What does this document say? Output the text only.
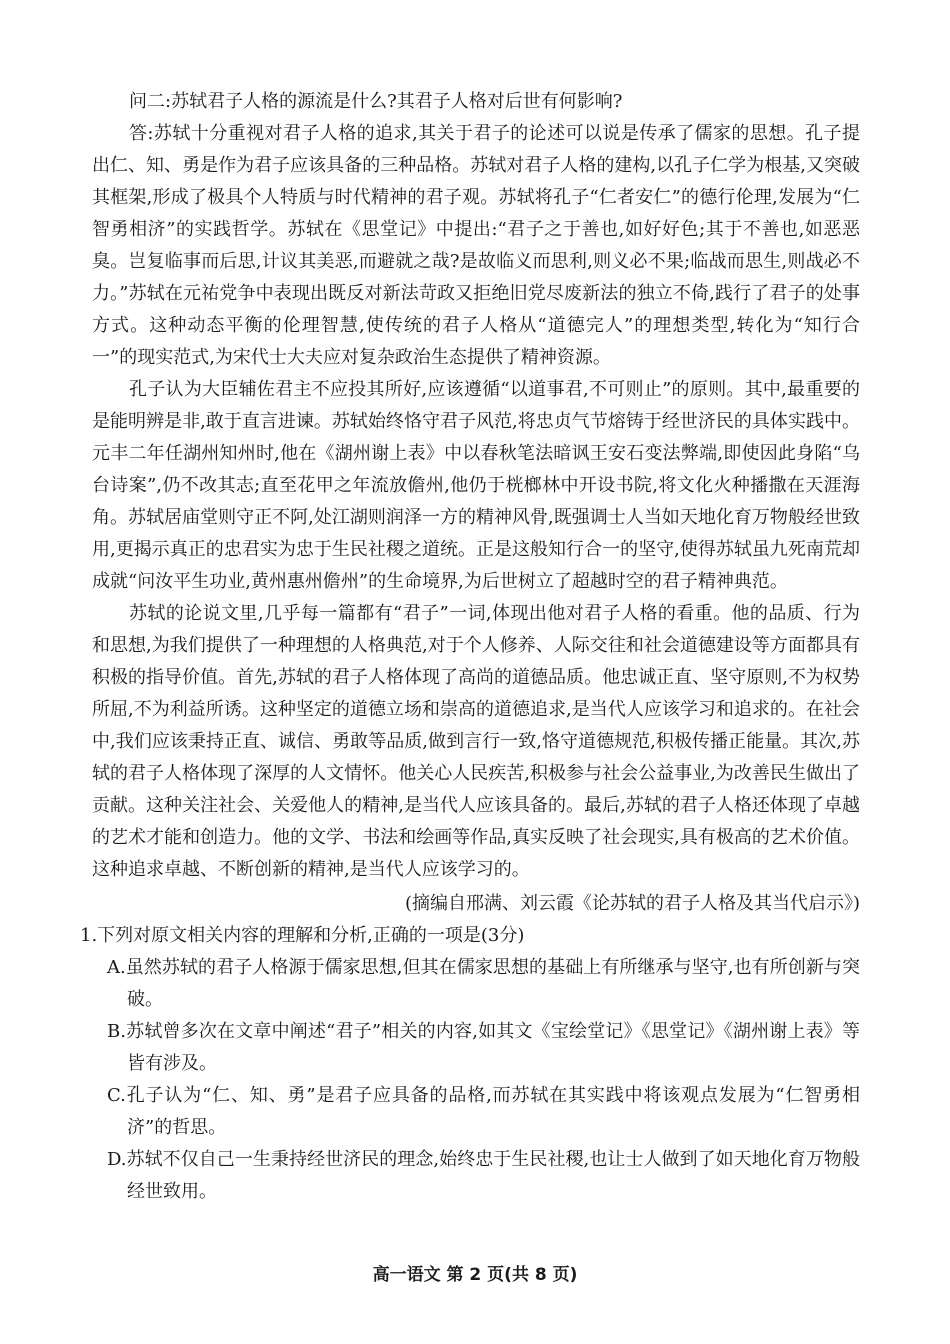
问二:苏轼君子人格的源流是什么?其君子人格对后世有何影响?

答:苏轼十分重视对君子人格的追求,其关于君子的论述可以说是传承了儒家的思想。孔子提出仁、知、勇是作为君子应该具备的三种品格。苏轼对君子人格的建构,以孔子仁学为根基,又突破其框架,形成了极具个人特质与时代精神的君子观。苏轼将孔子“仁者安仁”的德行伦理,发展为“仁智勇相济”的实践哲学。苏轼在《思堂记》中提出:“君子之于善也,如好好色;其于不善也,如恶恶臭。岂复临事而后思,计议其美恶,而避就之哉?是故临义而思利,则义必不果;临战而思生,则战必不力。”苏轼在元祐党争中表现出既反对新法苛政又拒绝旧党尽废新法的独立不倚,践行了君子的处事方式。这种动态平衡的伦理智慧,使传统的君子人格从“道德完人”的理想类型,转化为“知行合一”的现实范式,为宋代士大夫应对复杂政治生态提供了精神资源。

孔子认为大臣辅佐君主不应投其所好,应该遵循“以道事君,不可则止”的原则。其中,最重要的是能明辨是非,敢于直言进谏。苏轼始终恪守君子风范,将忠贞气节熔铸于经世济民的具体实践中。元丰二年任湖州知州时,他在《湖州谢上表》中以春秋笔法暗讽王安石变法弊端,即使因此身陷“乌台诗案”,仍不改其志;直至花甲之年流放儋州,他仍于桄榔林中开设书院,将文化火种播撒在天涯海角。苏轼居庙堂则守正不阿,处江湖则润泽一方的精神风骨,既强调士人当如天地化育万物般经世致用,更揭示真正的忠君实为忠于生民社稷之道统。正是这般知行合一的坚守,使得苏轼虽九死南荒却成就“问汝平生功业,黄州惠州儋州”的生命境界,为后世树立了超越时空的君子精神典范。

苏轼的论说文里,几乎每一篇都有“君子”一词,体现出他对君子人格的看重。他的品质、行为和思想,为我们提供了一种理想的人格典范,对于个人修养、人际交往和社会道德建设等方面都具有积极的指导价值。首先,苏轼的君子人格体现了高尚的道德品质。他忠诚正直、坚守原则,不为权势所屈,不为利益所诱。这种坚定的道德立场和崇高的道德追求,是当代人应该学习和追求的。在社会中,我们应该秉持正直、诚信、勇敢等品质,做到言行一致,恪守道德规范,积极传播正能量。其次,苏轼的君子人格体现了深厚的人文情怀。他关心人民疾苦,积极参与社会公益事业,为改善民生做出了贡献。这种关注社会、关爱他人的精神,是当代人应该具备的。最后,苏轼的君子人格还体现了卓越的艺术才能和创造力。他的文学、书法和绘画等作品,真实反映了社会现实,具有极高的艺术价值。这种追求卓越、不断创新的精神,是当代人应该学习的。

(摘编自邢满、刘云霞《论苏轼的君子人格及其当代启示》)

1.下列对原文相关内容的理解和分析,正确的一项是(3分)

A.虽然苏轼的君子人格源于儒家思想,但其在儒家思想的基础上有所继承与坚守,也有所创新与突破。

B.苏轼曾多次在文章中阐述“君子”相关的内容,如其文《宝绘堂记》《思堂记》《湖州谢上表》等皆有涉及。

C.孔子认为“仁、知、勇”是君子应具备的品格,而苏轼在其实践中将该观点发展为“仁智勇相济”的哲思。

D.苏轼不仅自己一生秉持经世济民的理念,始终忠于生民社稷,也让士人做到了如天地化育万物般经世致用。

高一语文 第 2 页(共 8 页)
